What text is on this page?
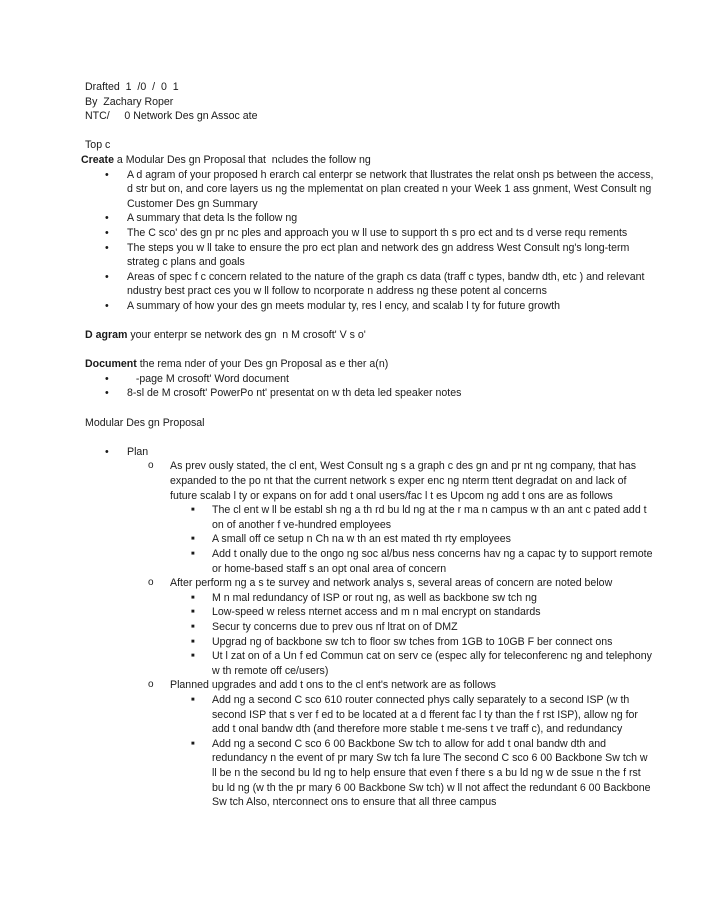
Drafted  1  /0  /  0  1
By  Zachary Roper
NTC/     0 Network Des gn Assoc ate
Top c
Create a Modular Des gn Proposal that  ncludes the follow ng
• A d agram of your proposed h erarch cal enterpr se network that llustrates the relat onsh ps between the access, d str but on, and core layers us ng the mplementat on plan created n your Week 1 ass gnment, West Consult ng Customer Des gn Summary
• A summary that deta ls the follow ng
• The C sco' des gn pr nc ples and approach you w ll use to support th s pro ect and ts d verse requ rements
• The steps you w ll take to ensure the pro ect plan and network des gn address West Consult ng's long-term strateg c plans and goals
• Areas of spec f c concern related to the nature of the graph cs data (traff c types, bandw dth, etc ) and relevant ndustry best pract ces you w ll follow to ncorporate n address ng these potent al concerns
• A summary of how your des gn meets modular ty, res l ency, and scalab l ty for future growth
D agram your enterpr se network des gn  n M crosoft' V s o'
Document the rema nder of your Des gn Proposal as e ther a(n)
•    -page M crosoft' Word document
• 8-sl de M crosoft' PowerPo nt' presentat on w th deta led speaker notes
Modular Des gn Proposal
• Plan
o As prev ously stated, the cl ent, West Consult ng s a graph c des gn and pr nt ng company, that has expanded to the po nt that the current network s exper enc ng nterm ttent degradat on and lack of future scalab l ty or expans on for add t onal users/fac l t es Upcom ng add t ons are as follows
■ The cl ent w ll be establ sh ng a th rd bu ld ng at the r ma n campus w th an ant c pated add t on of another f ve-hundred employees
■ A small off ce setup n Ch na w th an est mated th rty employees
■ Add t onally due to the ongo ng soc al/bus ness concerns hav ng a capac ty to support remote or home-based staff s an opt onal area of concern
o After perform ng a s te survey and network analys s, several areas of concern are noted below
■ M n mal redundancy of ISP or rout ng, as well as backbone sw tch ng
■ Low-speed w reless nternet access and m n mal encrypt on standards
■ Secur ty concerns due to prev ous nf ltrat on of DMZ
■ Upgrad ng of backbone sw tch to floor sw tches from 1GB to 10GB F ber connect ons
■ Ut l zat on of a Un f ed Commun cat on serv ce (espec ally for teleconferenc ng and telephony w th remote off ce/users)
o Planned upgrades and add t ons to the cl ent's network are as follows
■ Add ng a second C sco 610 router connected phys cally separately to a second ISP (w th second ISP that s ver f ed to be located at a d fferent fac l ty than the f rst ISP), allow ng for add t onal bandw dth (and therefore more stable t me-sens t ve traff c), and redundancy
■ Add ng a second C sco 6 00 Backbone Sw tch to allow for add t onal bandw dth and redundancy n the event of pr mary Sw tch fa lure The second C sco 6 00 Backbone Sw tch w ll be n the second bu ld ng to help ensure that even f there s a bu ld ng w de ssue n the f rst bu ld ng (w th the pr mary 6 00 Backbone Sw tch) w ll not affect the redundant 6 00 Backbone Sw tch Also, nterconnect ons to ensure that all three campus
